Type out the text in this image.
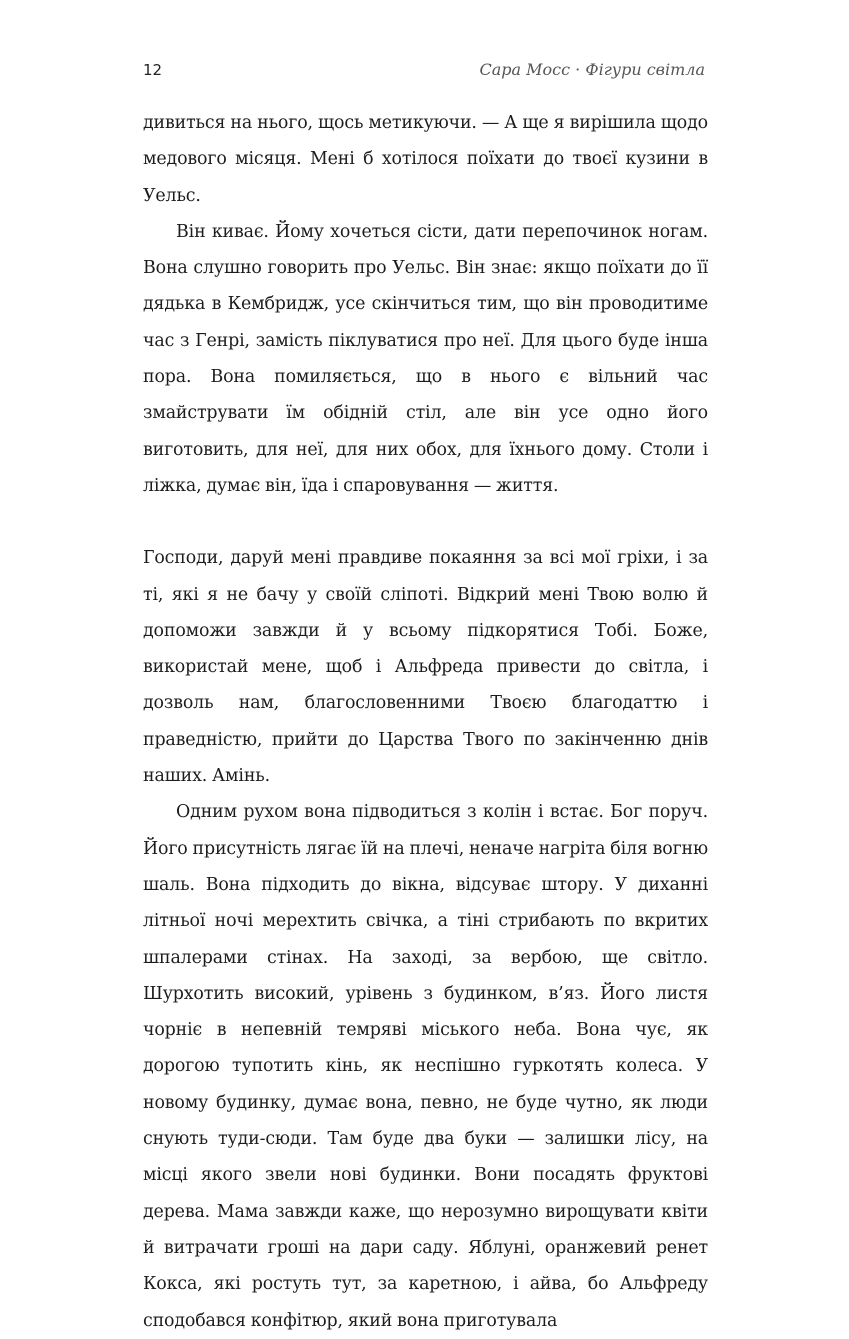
12	Сара Мосс · Фігури світла

дивиться на нього, щось метикуючи. — А ще я вирішила щодо медового місяця. Мені б хотілося поїхати до твоєї кузини в Уельс.

Він киває. Йому хочеться сісти, дати перепочинок ногам. Вона слушно говорить про Уельс. Він знає: якщо поїхати до її дядька в Кембридж, усе скінчиться тим, що він проводитиме час з Генрі, замість піклуватися про неї. Для цього буде інша пора. Вона помиляється, що в нього є вільний час змайструвати їм обідній стіл, але він усе одно його виготовить, для неї, для них обох, для їхнього дому. Столи і ліжка, думає він, їда і спаровування — життя.

Господи, даруй мені правдиве покаяння за всі мої гріхи, і за ті, які я не бачу у своїй сліпоті. Відкрий мені Твою волю й допоможи завжди й у всьому підкорятися Тобі. Боже, використай мене, щоб і Альфреда привести до світла, і дозволь нам, благословенними Твоєю благодаттю і праведністю, прийти до Царства Твого по закінченню днів наших. Амінь.

Одним рухом вона підводиться з колін і встає. Бог поруч. Його присутність лягає їй на плечі, неначе нагріта біля вогню шаль. Вона підходить до вікна, відсуває штору. У диханні літньої ночі мерехтить свічка, а тіні стрибають по вкритих шпалерами стінах. На заході, за вербою, ще світло. Шурхотить високий, урівень з будинком, в’яз. Його листя чорніє в непевній темряві міського неба. Вона чує, як дорогою тупотить кінь, як неспішно гуркотять колеса. У новому будинку, думає вона, певно, не буде чутно, як люди снують туди-сюди. Там буде два буки — залишки лісу, на місці якого звели нові будинки. Вони посадять фруктові дерева. Мама завжди каже, що нерозумно вирощувати квіти й витрачати гроші на дари саду. Яблуні, оранжевий ренет Кокса, які ростуть тут, за каретною, і айва, бо Альфреду сподобався конфітюр, який вона приготувала
